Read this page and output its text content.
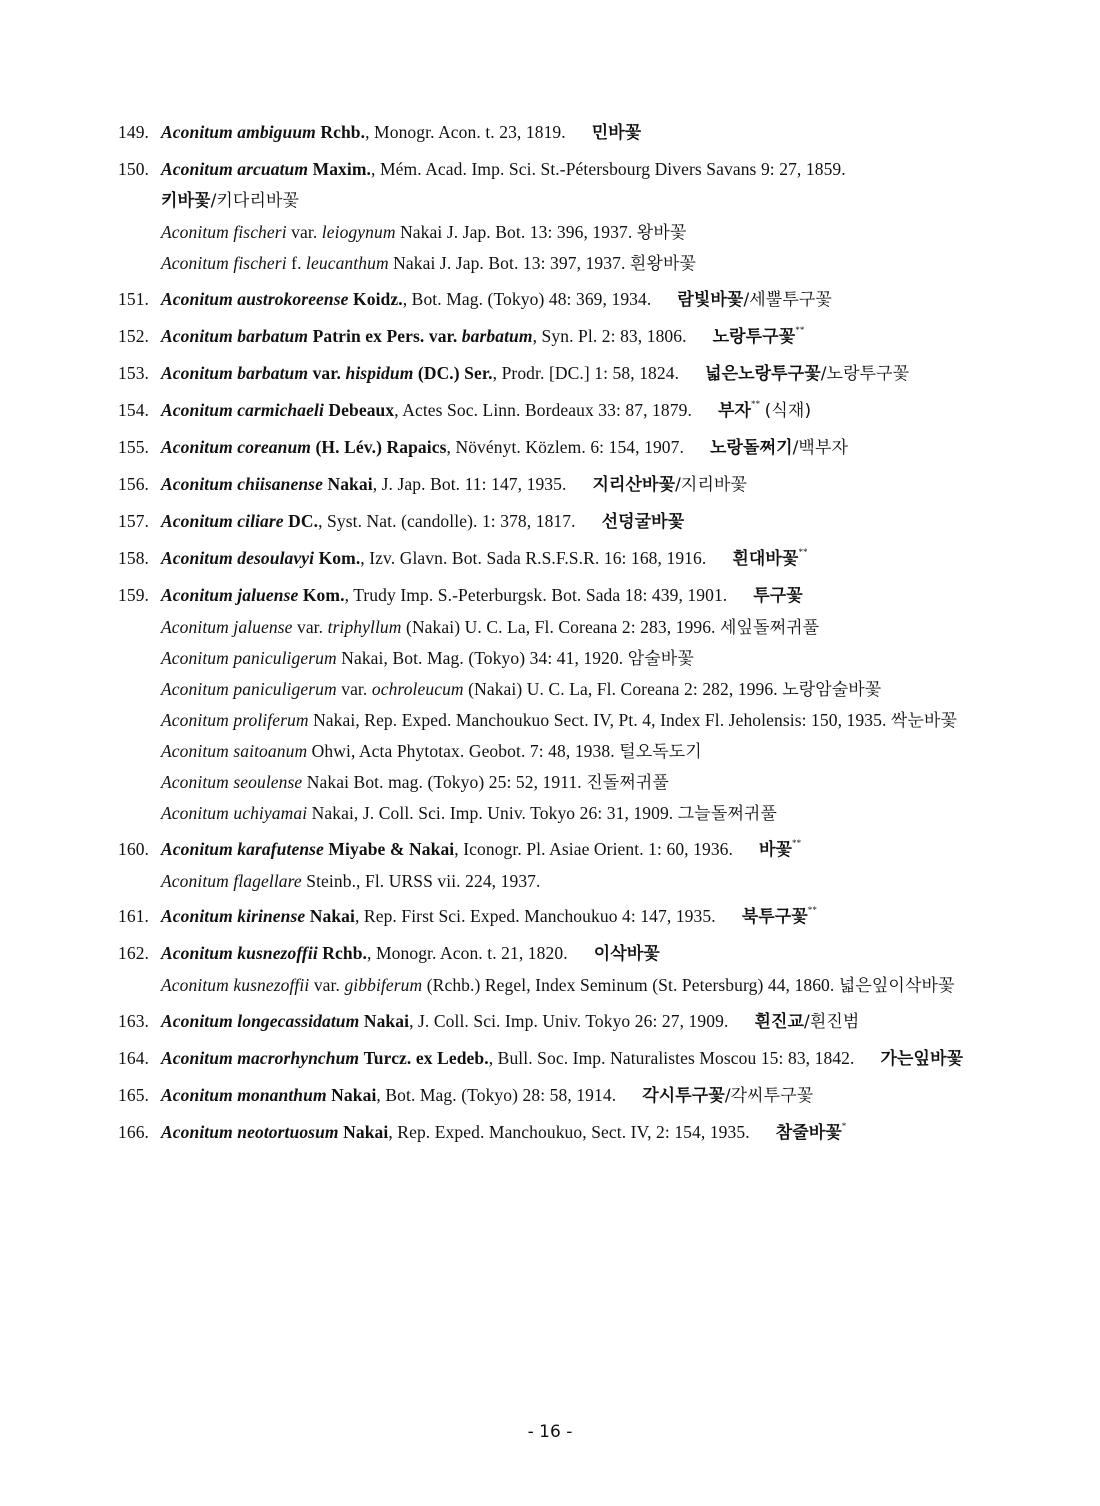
149. Aconitum ambiguum Rchb., Monogr. Acon. t. 23, 1819. 민바꽃
150. Aconitum arcuatum Maxim., Mém. Acad. Imp. Sci. St.-Pétersbourg Divers Savans 9: 27, 1859.키바꽃/키다리바꽃
Aconitum fischeri var. leiogynum Nakai J. Jap. Bot. 13: 396, 1937. 왕바꽃
Aconitum fischeri f. leucanthum Nakai J. Jap. Bot. 13: 397, 1937. 흰왕바꽃
151. Aconitum austrokoreense Koidz., Bot. Mag. (Tokyo) 48: 369, 1934. 람빛바꽃/세뿔투구꽃
152. Aconitum barbatum Patrin ex Pers. var. barbatum, Syn. Pl. 2: 83, 1806. 노랑투구꽃**
153. Aconitum barbatum var. hispidum (DC.) Ser., Prodr. [DC.] 1: 58, 1824. 넓은노랑투구꽃/노랑투구꽃
154. Aconitum carmichaeli Debeaux, Actes Soc. Linn. Bordeaux 33: 87, 1879. 부자** (식재)
155. Aconitum coreanum (H. Lév.) Rapaics, Növényt. Közlem. 6: 154, 1907. 노랑돌쩌기/백부자
156. Aconitum chiisanense Nakai, J. Jap. Bot. 11: 147, 1935. 지리산바꽃/지리바꽃
157. Aconitum ciliare DC., Syst. Nat. (candolle). 1: 378, 1817. 선덩굴바꽃
158. Aconitum desoulavyi Kom., Izv. Glavn. Bot. Sada R.S.F.S.R. 16: 168, 1916. 흰대바꽃**
159. Aconitum jaluense Kom., Trudy Imp. S.-Peterburgsk. Bot. Sada 18: 439, 1901. 투구꽃
Aconitum jaluense var. triphyllum (Nakai) U. C. La, Fl. Coreana 2: 283, 1996. 세잎돌쩌귀풀
Aconitum paniculigerum Nakai, Bot. Mag. (Tokyo) 34: 41, 1920. 암술바꽃
Aconitum paniculigerum var. ochroleucum (Nakai) U. C. La, Fl. Coreana 2: 282, 1996. 노랑암술바꽃
Aconitum proliferum Nakai, Rep. Exped. Manchoukuo Sect. IV, Pt. 4, Index Fl. Jeholensis: 150, 1935. 싹눈바꽃
Aconitum saitoanum Ohwi, Acta Phytotax. Geobot. 7: 48, 1938. 털오독도기
Aconitum seoulense Nakai Bot. mag. (Tokyo) 25: 52, 1911. 진돌쩌귀풀
Aconitum uchiyamai Nakai, J. Coll. Sci. Imp. Univ. Tokyo 26: 31, 1909. 그늘돌쩌귀풀
160. Aconitum karafutense Miyabe & Nakai, Iconogr. Pl. Asiae Orient. 1: 60, 1936. 바꽃**
Aconitum flagellare Steinb., Fl. URSS vii. 224, 1937.
161. Aconitum kirinense Nakai, Rep. First Sci. Exped. Manchoukuo 4: 147, 1935. 북투구꽃**
162. Aconitum kusnezoffii Rchb., Monogr. Acon. t. 21, 1820. 이삭바꽃
Aconitum kusnezoffii var. gibbiferum (Rchb.) Regel, Index Seminum (St. Petersburg) 44, 1860. 넓은잎이삭바꽃
163. Aconitum longecassidatum Nakai, J. Coll. Sci. Imp. Univ. Tokyo 26: 27, 1909. 흰진교/흰진범
164. Aconitum macrorhynchum Turcz. ex Ledeb., Bull. Soc. Imp. Naturalistes Moscou 15: 83, 1842. 가는잎바꽃
165. Aconitum monanthum Nakai, Bot. Mag. (Tokyo) 28: 58, 1914. 각시투구꽃/각씨투구꽃
166. Aconitum neotortuosum Nakai, Rep. Exped. Manchoukuo, Sect. IV, 2: 154, 1935. 참줄바꽃*
- 16 -
